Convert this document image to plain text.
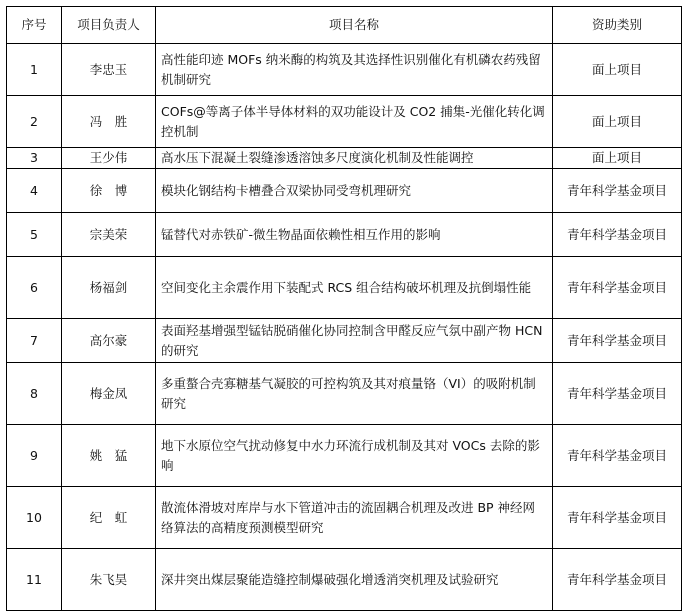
序号	项目负责人	项目名称	资助类别
1	李忠玉	高性能印迹 MOFs 纳米酶的构筑及其选择性识别催化有机磷农药残留机制研究	面上项目
2	冯　胜	COFs@等离子体半导体材料的双功能设计及 CO2 捕集-光催化转化调控机制	面上项目
3	王少伟	高水压下混凝土裂缝渗透溶蚀多尺度演化机制及性能调控	面上项目
4	徐　博	模块化钢结构卡槽叠合双梁协同受弯机理研究	青年科学基金项目
5	宗美荣	锰替代对赤铁矿-微生物晶面依赖性相互作用的影响	青年科学基金项目
6	杨福剑	空间变化主余震作用下装配式 RCS 组合结构破坏机理及抗倒塌性能	青年科学基金项目
7	高尔豪	表面羟基增强型锰钴脱硝催化协同控制含甲醛反应气氛中副产物 HCN 的研究	青年科学基金项目
8	梅金凤	多重螯合壳寡糖基气凝胶的可控构筑及其对痕量铬（VI）的吸附机制研究	青年科学基金项目
9	姚　猛	地下水原位空气扰动修复中水力环流行成机制及其对 VOCs 去除的影响	青年科学基金项目
10	纪　虹	散流体滑坡对库岸与水下管道冲击的流固耦合机理及改进 BP 神经网络算法的高精度预测模型研究	青年科学基金项目
11	朱飞昊	深井突出煤层聚能造缝控制爆破强化增透消突机理及试验研究	青年科学基金项目
